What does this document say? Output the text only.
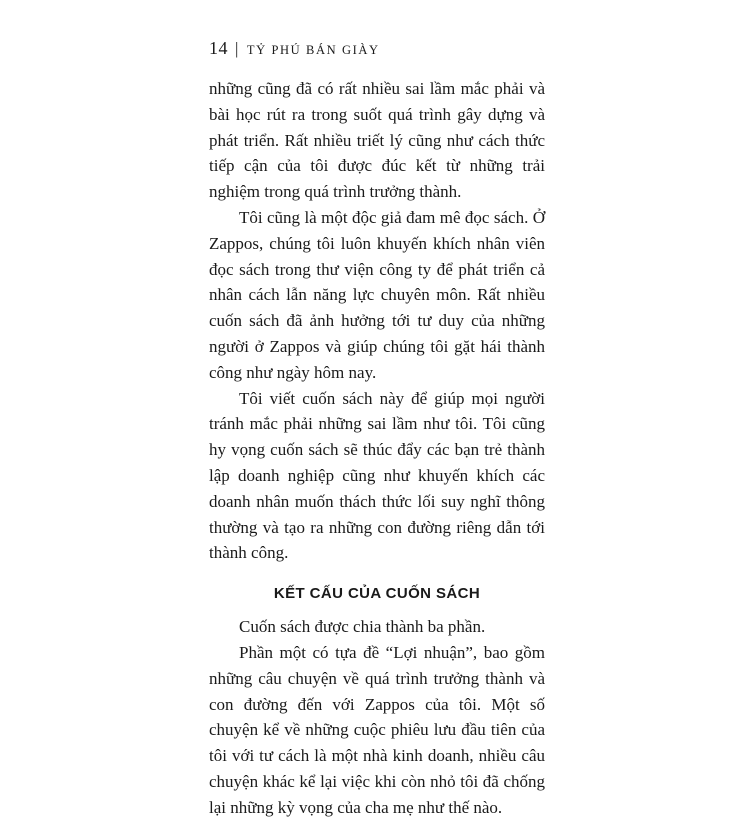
14 | TỶ PHÚ BÁN GIÀY

những cũng đã có rất nhiều sai lầm mắc phải và bài học rút ra trong suốt quá trình gây dựng và phát triển. Rất nhiều triết lý cũng như cách thức tiếp cận của tôi được đúc kết từ những trải nghiệm trong quá trình trưởng thành.

Tôi cũng là một độc giả đam mê đọc sách. Ở Zappos, chúng tôi luôn khuyến khích nhân viên đọc sách trong thư viện công ty để phát triển cả nhân cách lẫn năng lực chuyên môn. Rất nhiều cuốn sách đã ảnh hưởng tới tư duy của những người ở Zappos và giúp chúng tôi gặt hái thành công như ngày hôm nay.

Tôi viết cuốn sách này để giúp mọi người tránh mắc phải những sai lầm như tôi. Tôi cũng hy vọng cuốn sách sẽ thúc đẩy các bạn trẻ thành lập doanh nghiệp cũng như khuyến khích các doanh nhân muốn thách thức lối suy nghĩ thông thường và tạo ra những con đường riêng dẫn tới thành công.

KẾT CẤU CỦA CUỐN SÁCH

Cuốn sách được chia thành ba phần.

Phần một có tựa đề “Lợi nhuận”, bao gồm những câu chuyện về quá trình trưởng thành và con đường đến với Zappos của tôi. Một số chuyện kể về những cuộc phiêu lưu đầu tiên của tôi với tư cách là một nhà kinh doanh, nhiều câu chuyện khác kể lại việc khi còn nhỏ tôi đã chống lại những kỳ vọng của cha mẹ như thế nào.
